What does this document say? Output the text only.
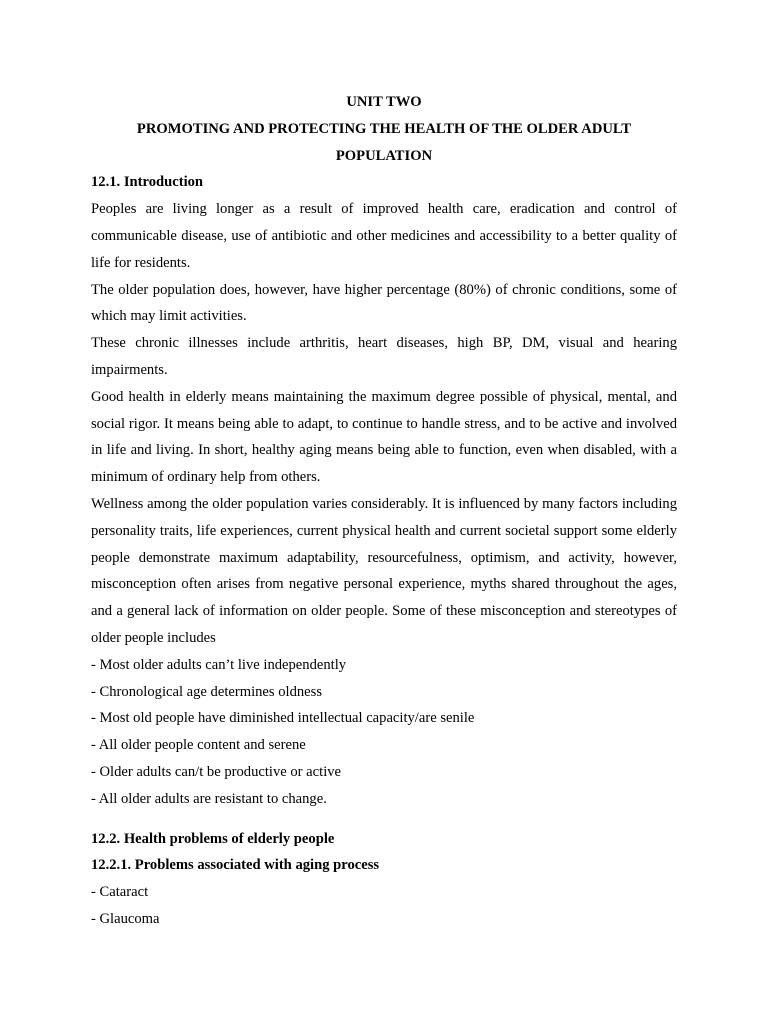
UNIT TWO

PROMOTING AND PROTECTING THE HEALTH OF THE OLDER ADULT POPULATION

12.1. Introduction

Peoples are living longer as a result of improved health care, eradication and control of communicable disease, use of antibiotic and other medicines and accessibility to a better quality of life for residents.

The older population does, however, have higher percentage (80%) of chronic conditions, some of which may limit activities.

These chronic illnesses include arthritis, heart diseases, high BP, DM, visual and hearing impairments.

Good health in elderly means maintaining the maximum degree possible of physical, mental, and social rigor. It means being able to adapt, to continue to handle stress, and to be active and involved in life and living. In short, healthy aging means being able to function, even when disabled, with a minimum of ordinary help from others.

Wellness among the older population varies considerably. It is influenced by many factors including personality traits, life experiences, current physical health and current societal support some elderly people demonstrate maximum adaptability, resourcefulness, optimism, and activity, however, misconception often arises from negative personal experience, myths shared throughout the ages, and a general lack of information on older people. Some of these misconception and stereotypes of older people includes

- Most older adults can’t live independently

- Chronological age determines oldness

- Most old people have diminished intellectual capacity/are senile

- All older people content and serene

- Older adults can/t be productive or active

- All older adults are resistant to change.

12.2. Health problems of elderly people

12.2.1. Problems associated with aging process

- Cataract

- Glaucoma
